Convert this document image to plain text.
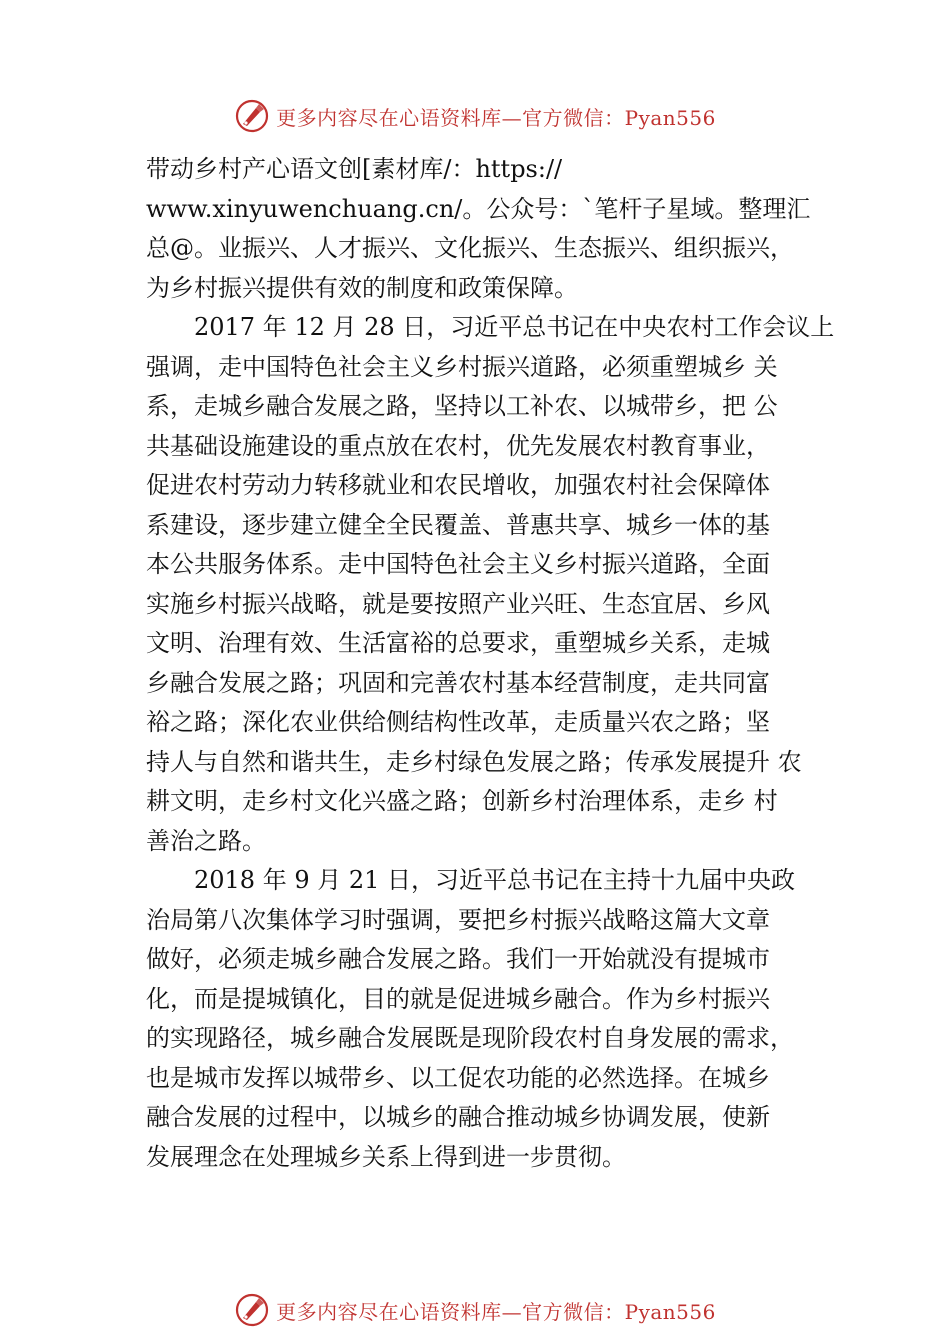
更多内容尽在心语资料库—官方微信：Pyan556
带动乡村产心语文创[素材库/：https://
www.xinyuwenchuang.cn/。公众号：`笔杆子星域。整理汇
总@。业振兴、人才振兴、文化振兴、生态振兴、组织振兴，
为乡村振兴提供有效的制度和政策保障。
2017 年 12 月 28 日，习近平总书记在中央农村工作会议上
强调，走中国特色社会主义乡村振兴道路，必须重塑城乡 关
系，走城乡融合发展之路，坚持以工补农、以城带乡，把 公
共基础设施建设的重点放在农村，优先发展农村教育事业，
促进农村劳动力转移就业和农民增收，加强农村社会保障体
系建设，逐步建立健全全民覆盖、普惠共享、城乡一体的基
本公共服务体系。走中国特色社会主义乡村振兴道路，全面
实施乡村振兴战略，就是要按照产业兴旺、生态宜居、乡风
文明、治理有效、生活富裕的总要求，重塑城乡关系，走城
乡融合发展之路；巩固和完善农村基本经营制度，走共同富
裕之路；深化农业供给侧结构性改革，走质量兴农之路；坚
持人与自然和谐共生，走乡村绿色发展之路；传承发展提升 农
耕文明，走乡村文化兴盛之路；创新乡村治理体系，走乡 村
善治之路。
2018 年 9 月 21 日，习近平总书记在主持十九届中央政
治局第八次集体学习时强调，要把乡村振兴战略这篇大文章
做好，必须走城乡融合发展之路。我们一开始就没有提城市
化，而是提城镇化，目的就是促进城乡融合。作为乡村振兴
的实现路径，城乡融合发展既是现阶段农村自身发展的需求，
也是城市发挥以城带乡、以工促农功能的必然选择。在城乡
融合发展的过程中，以城乡的融合推动城乡协调发展，使新
发展理念在处理城乡关系上得到进一步贯彻。
更多内容尽在心语资料库—官方微信：Pyan556
